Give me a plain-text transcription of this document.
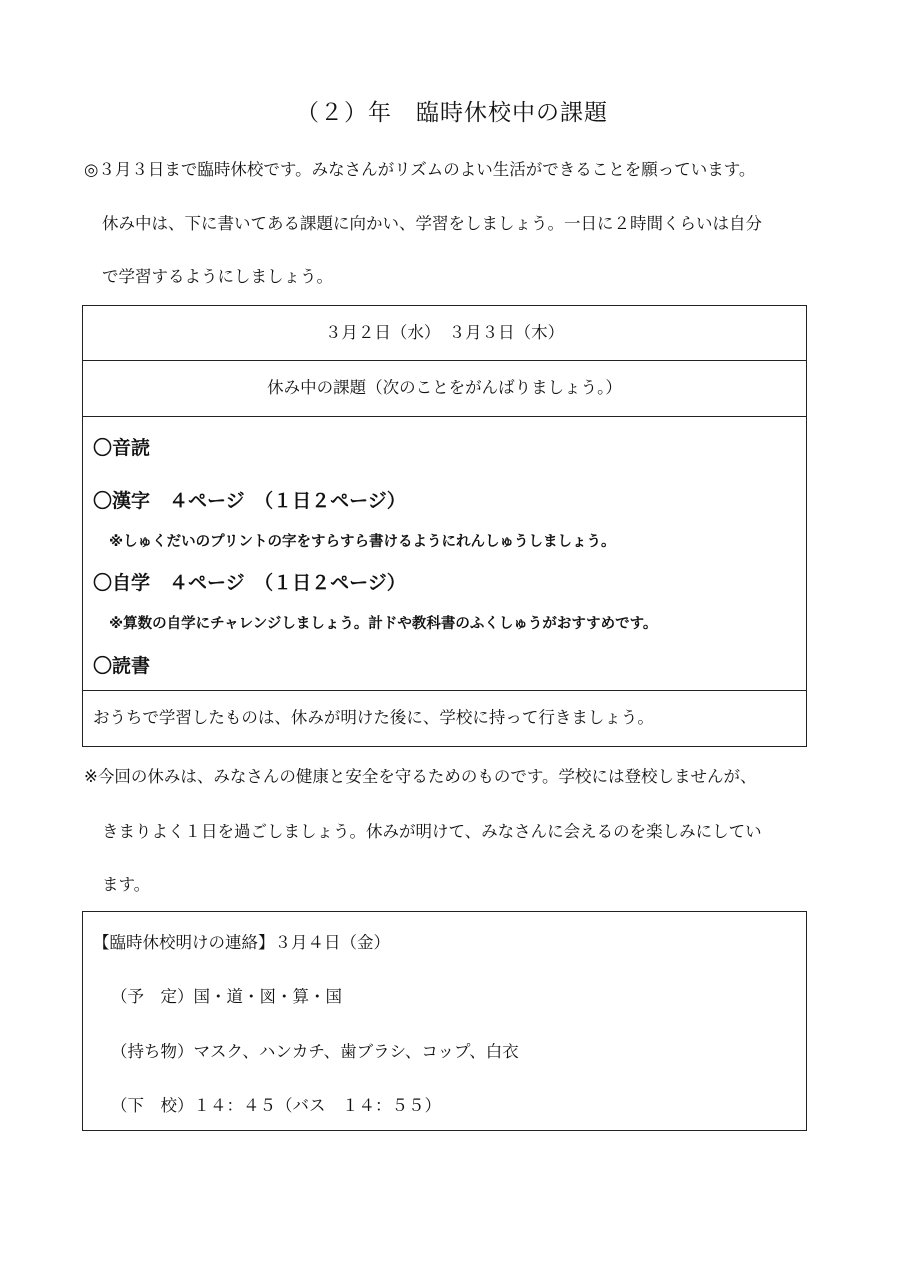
（２）年　臨時休校中の課題
◎３月３日まで臨時休校です。みなさんがリズムのよい生活ができることを願っています。
休み中は、下に書いてある課題に向かい、学習をしましょう。一日に２時間くらいは自分
で学習するようにしましょう。
３月２日（水）　３月３日（木）
休み中の課題（次のことをがんばりましょう。）
〇音読
〇漢字　４ページ　（１日２ページ）
※しゅくだいのプリントの字をすらすら書けるようにれんしゅうしましょう。
〇自学　４ページ　（１日２ページ）
※算数の自学にチャレンジしましょう。計ドや教科書のふくしゅうがおすすめです。
〇読書
おうちで学習したものは、休みが明けた後に、学校に持って行きましょう。
※今回の休みは、みなさんの健康と安全を守るためのものです。学校には登校しませんが、
きまりよく１日を過ごしましょう。休みが明けて、みなさんに会えるのを楽しみにしてい
ます。
【臨時休校明けの連絡】３月４日（金）
（予　定）国・道・図・算・国
（持ち物）マスク、ハンカチ、歯ブラシ、コップ、白衣
（下　校）１４：４５（バス　１４：５５）
